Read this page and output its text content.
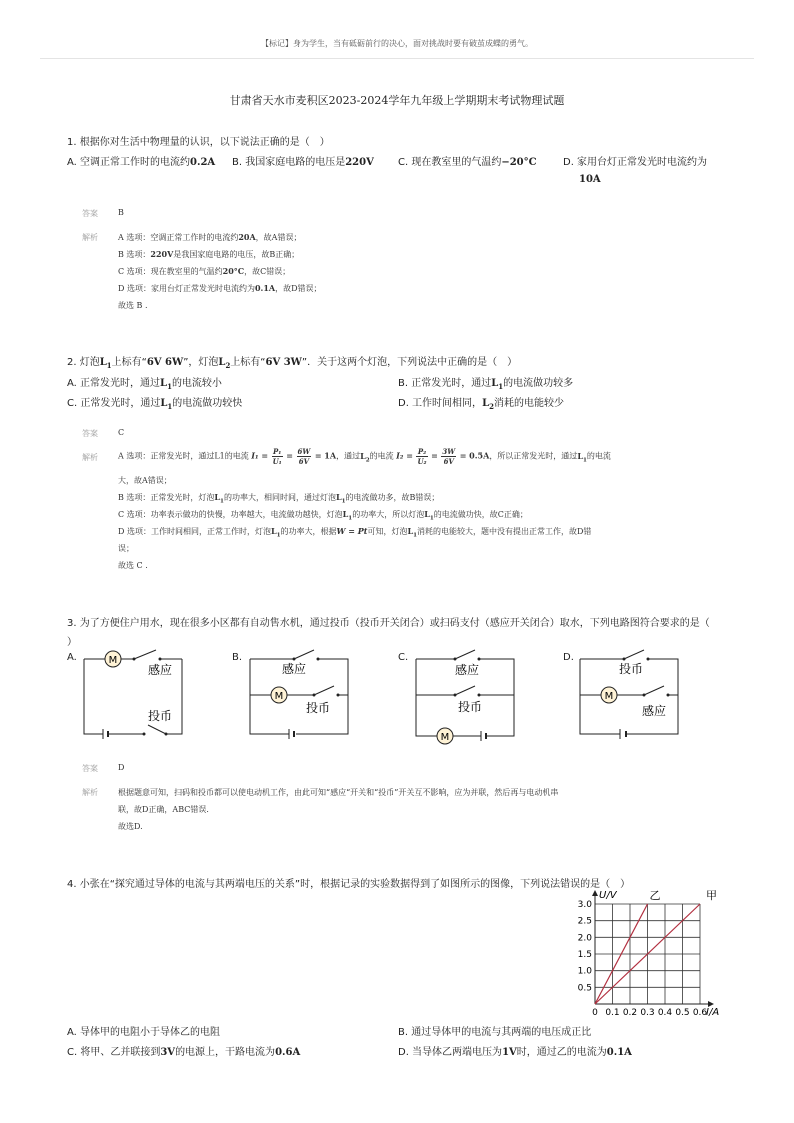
【标记】身为学生，当有砥砺前行的决心，面对挑战时要有破茧成蝶的勇气。
甘肃省天水市麦积区2023-2024学年九年级上学期期末考试物理试题
1. 根据你对生活中物理量的认识，以下说法正确的是（　）
A. 空调正常工作时的电流约0.2A B. 我国家庭电路的电压是220V C. 现在教室里的气温约−20°C	D. 家用台灯正常发光时电流约为
10A
答案	B
解析	A 选项：空调正常工作时的电流约20A，故A错误；
B 选项：220V是我国家庭电路的电压，故B正确；
C 选项：现在教室里的气温约20°C，故C错误；
D 选项：家用台灯正常发光时电流约为0.1A，故D错误；
故选 B .
2. 灯泡$L_1$上标有“6V 6W”，灯泡$L_2$上标有“6V 3W”．关于这两个灯泡，下列说法中正确的是（　）
A. 正常发光时，通过$L_1$的电流较小	B. 正常发光时，通过$L_1$的电流做功较多
C. 正常发光时，通过$L_1$的电流做功较快	D. 工作时间相同，$L_2$消耗的电能较少
答案	C
解析	A 选项：正常发光时，通过L1的电流 $I_1 = \frac{\text{P₁}}{\text{U₁}} = \frac{6W}{6V} = 1A$，通过$L_2$的电流 $I_2 = \frac{\text{P₂}}{\text{U₂}} = \frac{3W}{6V} = 0.5A$，所以正常发光时，通过$L_1$的电流
大，故A错误；
B 选项：正常发光时，灯泡$L_1$的功率大，相同时间，通过灯泡$L_1$的电流做功多，故B错误；
C 选项：功率表示做功的快慢，功率越大，电流做功越快，灯泡$L_1$的功率大，所以灯泡$L_1$的电流做功快，故C正确；
D 选项：工作时间相同，正常工作时，灯泡$L_1$的功率大，根据W = Pt可知，灯泡$L_1$消耗的电能较大，题中没有提出正常工作，故D错
误；
故选 C .
3. 为了方便住户用水，现在很多小区都有自动售水机，通过投币（投币开关闭合）或扫码支付（感应开关闭合）取水，下列电路图符合要求的是（
）
A.	B.	C.	D.
M
感应
投币
M
感应
投币
M
感应
投币
M
投币
感应
答案	D
解析	根据题意可知，扫码和投币都可以使电动机工作，由此可知“感应“开关和“投币”开关互不影响，应为并联，然后再与电动机串
联，故D正确，ABC错误．
故选D.
4. 小张在“探究通过导体的电流与其两端电压的关系”时，根据记录的实验数据得到了如图所示的图像，下列说法错误的是（　）
0 0.1 0.2 0.3 0.4 0.5 0.6
0.5
1.0
1.5
2.0
2.5
3.0
乙	甲
U/V
I/A
A. 导体甲的电阻小于导体乙的电阻	B. 通过导体甲的电流与其两端的电压成正比
C. 将甲、乙并联接到3V的电源上，干路电流为0.6A	D. 当导体乙两端电压为1V时，通过乙的电流为0.1A
